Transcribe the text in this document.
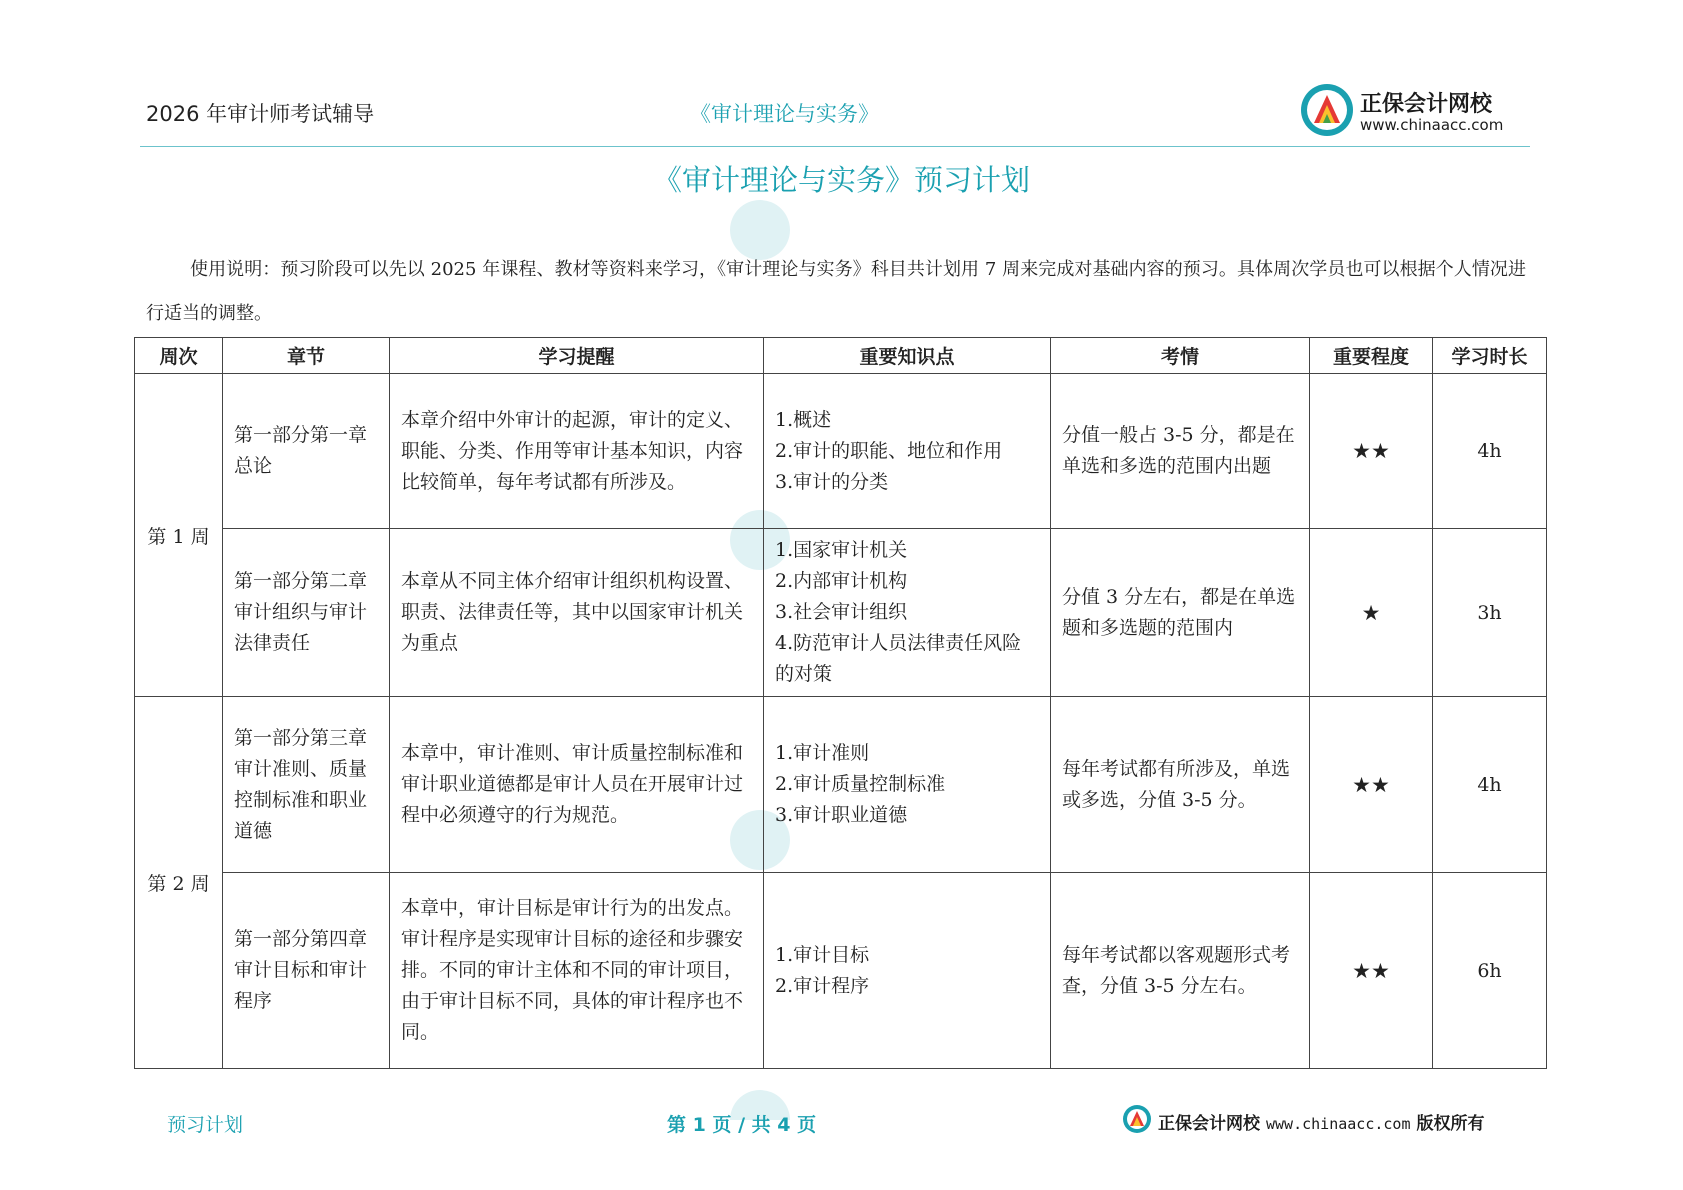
2026 年审计师考试辅导	《审计理论与实务》	正保会计网校
www.chinaacc.com
《审计理论与实务》预习计划
使用说明：预习阶段可以先以 2025 年课程、教材等资料来学习，《审计理论与实务》科目共计划用 7 周来完成对基础内容的预习。具体周次学员也可以根据个人情况进行适当的调整。
周次	章节	学习提醒	重要知识点	考情	重要程度	学习时长
第 1 周	第一部分第一章 总论	本章介绍中外审计的起源，审计的定义、职能、分类、作用等审计基本知识，内容比较简单，每年考试都有所涉及。	1.概述
2.审计的职能、地位和作用
3.审计的分类	分值一般占 3-5 分，都是在单选和多选的范围内出题	★★	4h
	第一部分第二章 审计组织与审计法律责任	本章从不同主体介绍审计组织机构设置、职责、法律责任等，其中以国家审计机关为重点	1.国家审计机关
2.内部审计机构
3.社会审计组织
4.防范审计人员法律责任风险的对策	分值 3 分左右，都是在单选题和多选题的范围内	★	3h
第 2 周	第一部分第三章 审计准则、质量控制标准和职业道德	本章中，审计准则、审计质量控制标准和审计职业道德都是审计人员在开展审计过程中必须遵守的行为规范。	1.审计准则
2.审计质量控制标准
3.审计职业道德	每年考试都有所涉及，单选或多选，分值 3-5 分。	★★	4h
	第一部分第四章 审计目标和审计程序	本章中，审计目标是审计行为的出发点。审计程序是实现审计目标的途径和步骤安排。不同的审计主体和不同的审计项目，由于审计目标不同，具体的审计程序也不同。	1.审计目标
2.审计程序	每年考试都以客观题形式考查，分值 3-5 分左右。	★★	6h
预习计划	第 1 页 / 共 4 页	正保会计网校 www.chinaacc.com 版权所有
